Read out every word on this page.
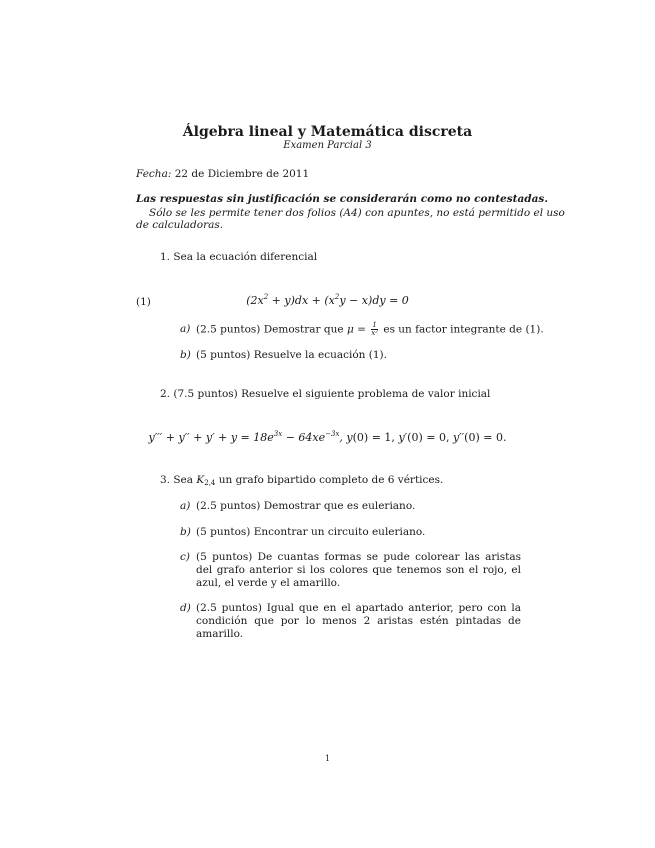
Álgebra lineal y Matemática discreta
Examen Parcial 3
Fecha: 22 de Diciembre de 2011
Las respuestas sin justificación se considerarán como no contestadas.
Sólo se les permite tener dos folios (A4) con apuntes, no está permitido el uso
de calculadoras.
1. Sea la ecuación diferencial
(1)	$(2x^2 + y)dx + (x^2y - x)dy = 0$
a) (2.5 puntos) Demostrar que $\mu = \frac{1}{\text{x²}}$ es un factor integrante de (1).
b) (5 puntos) Resuelve la ecuación (1).
2. (7.5 puntos) Resuelve el siguiente problema de valor inicial
$y''' + y'' + y' + y = 18e^{3x} - 64xe^{-3x}$, y(0) = 1, y′(0) = 0, y′′(0) = 0.
3. Sea $K_{2,4}$ un grafo bipartido completo de 6 vértices.
a) (2.5 puntos) Demostrar que es euleriano.
b) (5 puntos) Encontrar un circuito euleriano.
c) (5 puntos) De cuantas formas se pude colorear las aristas del grafo anterior si los colores que tenemos son el rojo, el azul, el verde y el amarillo.
d) (2.5 puntos) Igual que en el apartado anterior, pero con la condición que por lo menos 2 aristas estén pintadas de amarillo.
1
